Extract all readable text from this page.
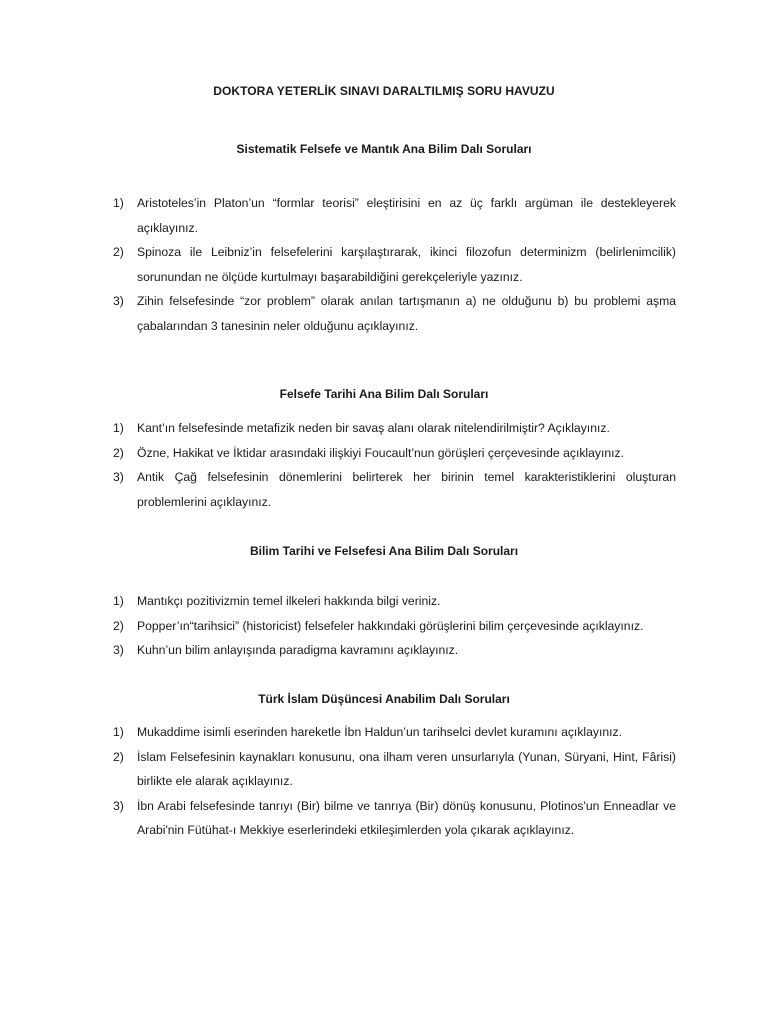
DOKTORA YETERLİK SINAVI DARALTILMIŞ SORU HAVUZU
Sistematik Felsefe ve Mantık Ana Bilim Dalı Soruları
1) Aristoteles’in Platon’un “formlar teorisi” eleştirisini en az üç farklı argüman ile destekleyerek açıklayınız.
2) Spinoza ile Leibniz’in felsefelerini karşılaştırarak, ikinci filozofun determinizm (belirlenimcilik) sorunundan ne ölçüde kurtulmayı başarabildiğini gerekçeleriyle yazınız.
3) Zihin felsefesinde “zor problem” olarak anılan tartışmanın a) ne olduğunu b) bu problemi aşma çabalarından 3 tanesinin neler olduğunu açıklayınız.
Felsefe Tarihi Ana Bilim Dalı Soruları
1) Kant’ın felsefesinde metafizik neden bir savaş alanı olarak nitelendirilmiştir? Açıklayınız.
2) Özne, Hakikat ve İktidar arasındaki ilişkiyi Foucault’nun görüşleri çerçevesinde açıklayınız.
3) Antik Çağ felsefesinin dönemlerini belirterek her birinin temel karakteristiklerini oluşturan problemlerini açıklayınız.
Bilim Tarihi ve Felsefesi Ana Bilim Dalı Soruları
1) Mantıkçı pozitivizmin temel ilkeleri hakkında bilgi veriniz.
2) Popper’ın“tarihsici” (historicist) felsefeler hakkındaki görüşlerini bilim çerçevesinde açıklayınız.
3) Kuhn’un bilim anlayışında paradigma kavramını açıklayınız.
Türk İslam Düşüncesi Anabilim Dalı Soruları
1) Mukaddime isimli eserinden hareketle İbn Haldun’un tarihselci devlet kuramını açıklayınız.
2) İslam Felsefesinin kaynakları konusunu, ona ilham veren unsurlarıyla (Yunan, Süryani, Hint, Fârisi) birlikte ele alarak açıklayınız.
3) İbn Arabi felsefesinde tanrıyı (Bir) bilme ve tanrıya (Bir) dönüş konusunu, Plotinos'un Enneadlar ve Arabi'nin Fütühat-ı Mekkiye eserlerindeki etkileşimlerden yola çıkarak açıklayınız.
